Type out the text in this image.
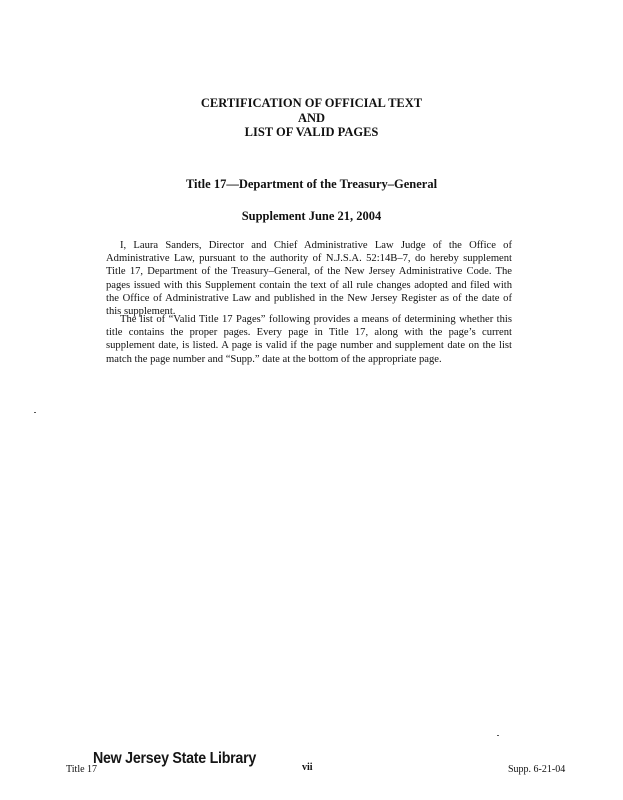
CERTIFICATION OF OFFICIAL TEXT
AND
LIST OF VALID PAGES
Title 17—Department of the Treasury–General
Supplement June 21, 2004

I, Laura Sanders, Director and Chief Administrative Law Judge of the Office of Administrative Law, pursuant to the authority of N.J.S.A. 52:14B–7, do hereby supplement Title 17, Department of the Treasury–General, of the New Jersey Administrative Code. The pages issued with this Supplement contain the text of all rule changes adopted and filed with the Office of Administrative Law and published in the New Jersey Register as of the date of this supplement.

The list of “Valid Title 17 Pages” following provides a means of determining whether this title contains the proper pages. Every page in Title 17, along with the page’s current supplement date, is listed. A page is valid if the page number and supplement date on the list match the page number and “Supp.” date at the bottom of the appropriate page.

Title 17
New Jersey State Library
vii	Supp. 6-21-04
